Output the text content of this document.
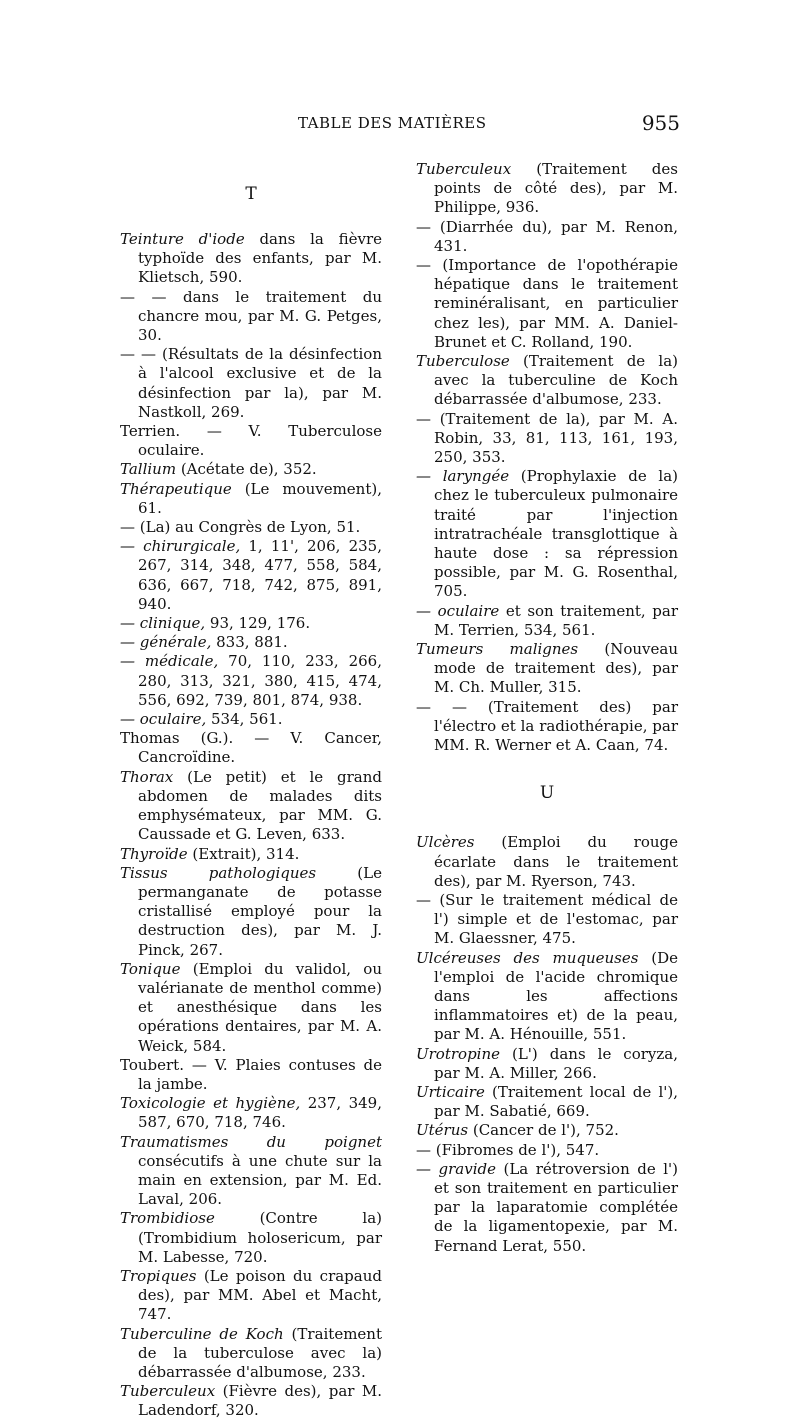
TABLE DES MATIÈRES	955
T

Teinture d'iode dans la fièvre typhoïde des enfants, par M. Klietsch, 590.

— — dans le traitement du chancre mou, par M. G. Petges, 30.

— — (Résultats de la désinfection à l'alcool exclusive et de la désinfection par la), par M. Nastkoll, 269.

Terrien. — V. Tuberculose oculaire.

Tallium (Acétate de), 352.

Thérapeutique (Le mouvement), 61.

— (La) au Congrès de Lyon, 51.

— chirurgicale, 1, 11', 206, 235, 267, 314, 348, 477, 558, 584, 636, 667, 718, 742, 875, 891, 940.

— clinique, 93, 129, 176.

— générale, 833, 881.

— médicale, 70, 110, 233, 266, 280, 313, 321, 380, 415, 474, 556, 692, 739, 801, 874, 938.

— oculaire, 534, 561.

Thomas (G.). — V. Cancer, Cancroïdine.

Thorax (Le petit) et le grand abdomen de malades dits emphysémateux, par MM. G. Caussade et G. Leven, 633.

Thyroïde (Extrait), 314.

Tissus pathologiques (Le permanganate de potasse cristallisé employé pour la destruction des), par M. J. Pinck, 267.

Tonique (Emploi du validol, ou valérianate de menthol comme) et anesthésique dans les opérations dentaires, par M. A. Weick, 584.

Toubert. — V. Plaies contuses de la jambe.

Toxicologie et hygiène, 237, 349, 587, 670, 718, 746.

Traumatismes du poignet consécutifs à une chute sur la main en extension, par M. Ed. Laval, 206.

Trombidiose (Contre la) (Trombidium holosericum, par M. Labesse, 720.

Tropiques (Le poison du crapaud des), par MM. Abel et Macht, 747.

Tuberculine de Koch (Traitement de la tuberculose avec la) débarrassée d'albumose, 233.

Tuberculeux (Fièvre des), par M. Ladendorf, 320.

Tuberculeux (Traitement des points de côté des), par M. Philippe, 936.

— (Diarrhée du), par M. Renon, 431.

— (Importance de l'opothérapie hépatique dans le traitement reminéralisant, en particulier chez les), par MM. A. Daniel-Brunet et C. Rolland, 190.

Tuberculose (Traitement de la) avec la tuberculine de Koch débarrassée d'albumose, 233.

— (Traitement de la), par M. A. Robin, 33, 81, 113, 161, 193, 250, 353.

— laryngée (Prophylaxie de la) chez le tuberculeux pulmonaire traité par l'injection intratrachéale transglottique à haute dose : sa répression possible, par M. G. Rosenthal, 705.

— oculaire et son traitement, par M. Terrien, 534, 561.

Tumeurs malignes (Nouveau mode de traitement des), par M. Ch. Muller, 315.

— — (Traitement des) par l'électro et la radiothérapie, par MM. R. Werner et A. Caan, 74.

U

Ulcères (Emploi du rouge écarlate dans le traitement des), par M. Ryerson, 743.

— (Sur le traitement médical de l') simple et de l'estomac, par M. Glaessner, 475.

Ulcéreuses des muqueuses (De l'emploi de l'acide chromique dans les affections inflammatoires et) de la peau, par M. A. Hénouille, 551.

Urotropine (L') dans le coryza, par M. A. Miller, 266.

Urticaire (Traitement local de l'), par M. Sabatié, 669.

Utérus (Cancer de l'), 752.

— (Fibromes de l'), 547.

— gravide (La rétroversion de l') et son traitement en particulier par la laparatomie complétée de la ligamentopexie, par M. Fernand Lerat, 550.
